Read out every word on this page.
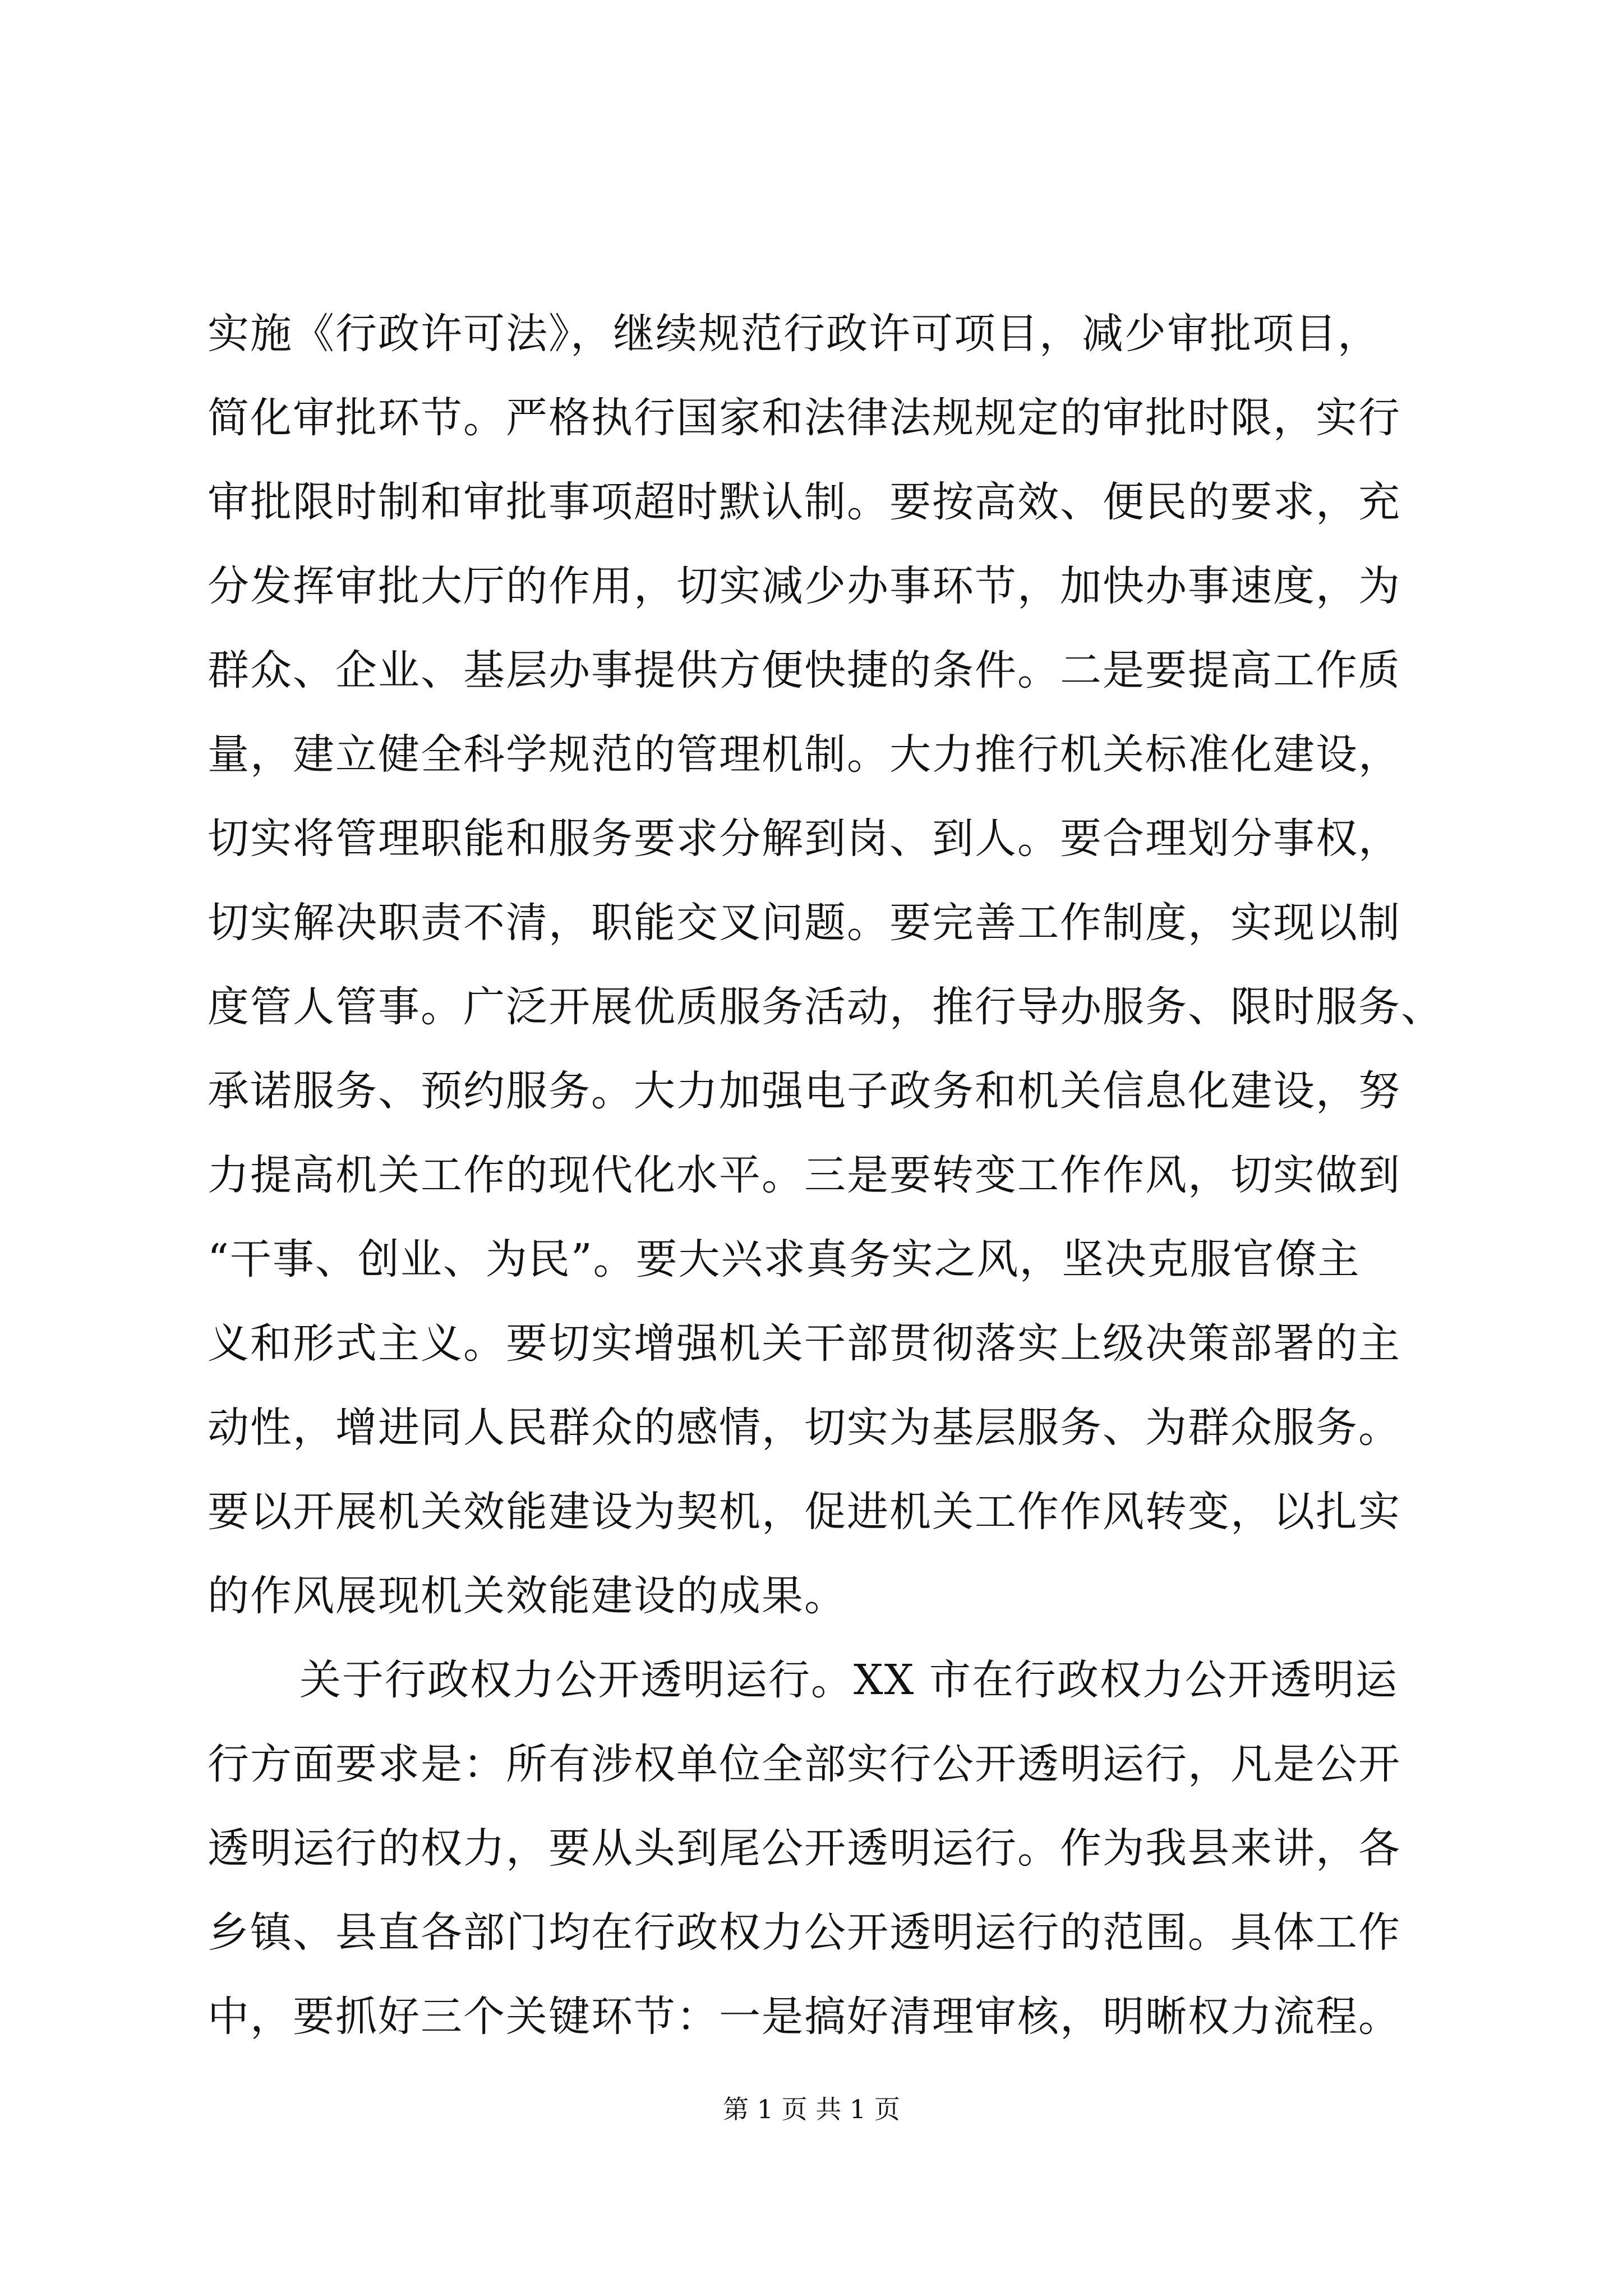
实施《行政许可法》，继续规范行政许可项目，减少审批项目，
简化审批环节。严格执行国家和法律法规规定的审批时限，实行
审批限时制和审批事项超时默认制。要按高效、便民的要求，充
分发挥审批大厅的作用，切实减少办事环节，加快办事速度，为
群众、企业、基层办事提供方便快捷的条件。二是要提高工作质
量，建立健全科学规范的管理机制。大力推行机关标准化建设，
切实将管理职能和服务要求分解到岗、到人。要合理划分事权，
切实解决职责不清，职能交叉问题。要完善工作制度，实现以制
度管人管事。广泛开展优质服务活动，推行导办服务、限时服务、
承诺服务、预约服务。大力加强电子政务和机关信息化建设，努
力提高机关工作的现代化水平。三是要转变工作作风，切实做到
“干事、创业、为民”。要大兴求真务实之风，坚决克服官僚主
义和形式主义。要切实增强机关干部贯彻落实上级决策部署的主
动性，增进同人民群众的感情，切实为基层服务、为群众服务。
要以开展机关效能建设为契机，促进机关工作作风转变，以扎实
的作风展现机关效能建设的成果。
关于行政权力公开透明运行。XX 市在行政权力公开透明运
行方面要求是：所有涉权单位全部实行公开透明运行，凡是公开
透明运行的权力，要从头到尾公开透明运行。作为我县来讲，各
乡镇、县直各部门均在行政权力公开透明运行的范围。具体工作
中，要抓好三个关键环节：一是搞好清理审核，明晰权力流程。
第 1 页 共 1 页
